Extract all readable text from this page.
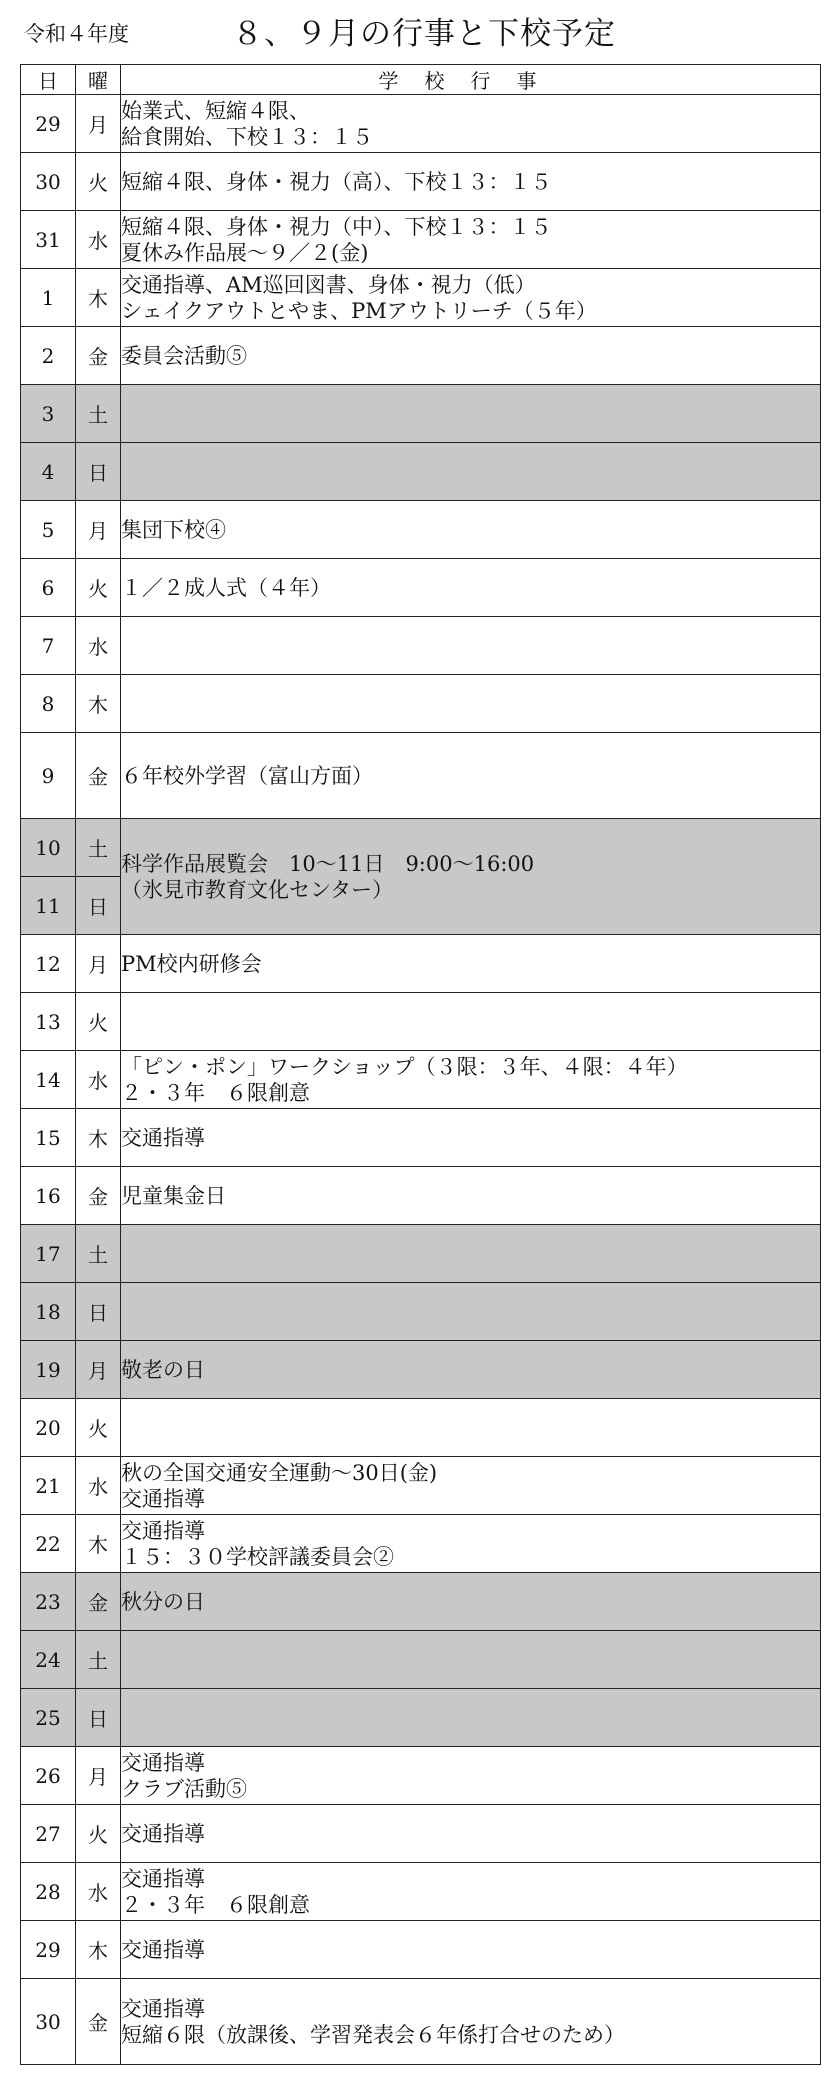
令和４年度	８、９月の行事と下校予定
日	曜	学校行事
29	月	始業式、短縮４限、
給食開始、下校１３：１５

30	火	短縮４限、身体・視力（高）、下校１３：１５

31	水	短縮４限、身体・視力（中）、下校１３：１５
夏休み作品展～９／２(金)

1	木	交通指導、AM巡回図書、身体・視力（低）
シェイクアウトとやま、PMアウトリーチ（５年）

2	金	委員会活動⑤

3	土	
4	日	
5	月	集団下校④

6	火	１／２成人式（４年）

7	水	
8	木	
9	金	６年校外学習（富山方面）

10	土	科学作品展覧会　10～11日　9:00～16:00
（氷見市教育文化センター）

11	日	
12	月	PM校内研修会

13	火	
14	水	「ピン・ポン」ワークショップ（３限：３年、４限：４年）
２・３年　６限創意

15	木	交通指導

16	金	児童集金日

17	土	
18	日	
19	月	敬老の日

20	火	
21	水	秋の全国交通安全運動～30日(金)
交通指導

22	木	交通指導
１５：３０学校評議委員会②

23	金	秋分の日

24	土	
25	日	
26	月	交通指導
クラブ活動⑤

27	火	交通指導

28	水	交通指導
２・３年　６限創意

29	木	交通指導

30	金	交通指導
短縮６限（放課後、学習発表会６年係打合せのため）
